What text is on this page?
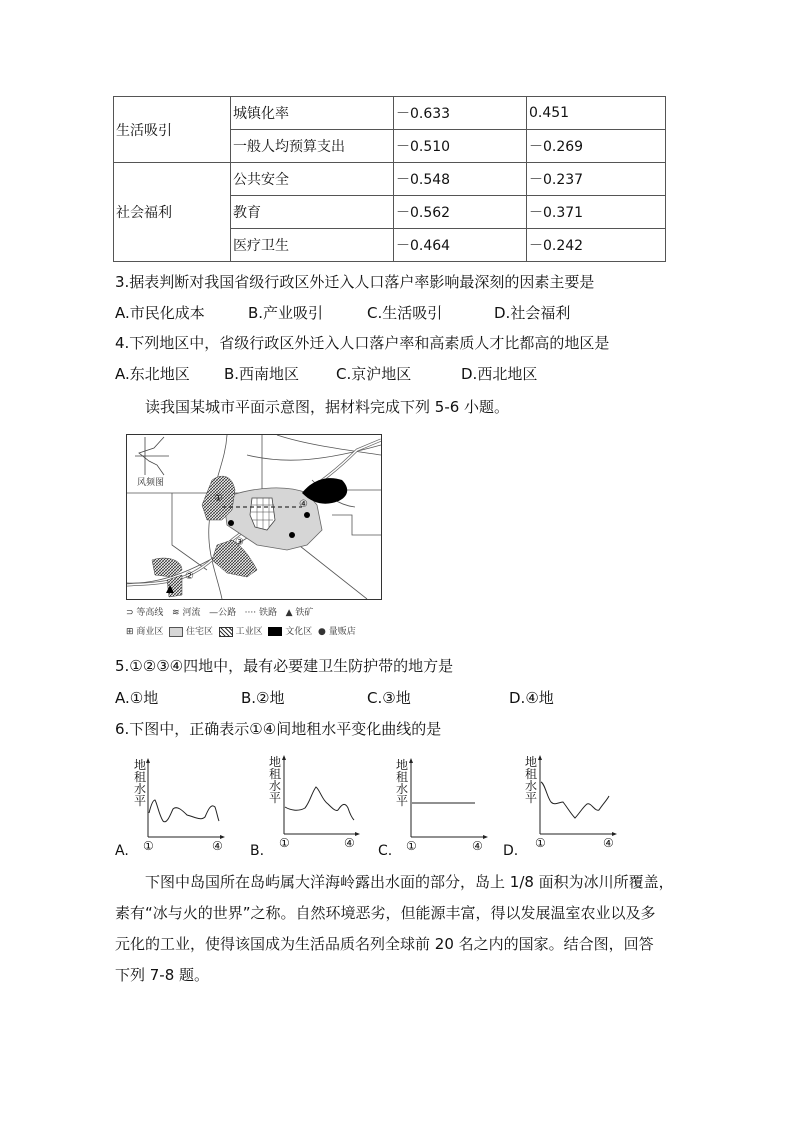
生活吸引	城镇化率	－0.633	0.451
	一般人均预算支出	－0.510	－0.269
社会福利	公共安全	－0.548	－0.237
	教育	－0.562	－0.371
	医疗卫生	－0.464	－0.242
3.据表判断对我国省级行政区外迁入人口落户率影响最深刻的因素主要是
A.市民化成本	B.产业吸引	C.生活吸引	D.社会福利
4.下列地区中，省级行政区外迁入人口落户率和高素质人才比都高的地区是
A.东北地区 B.西南地区 C.京沪地区	D.西北地区
读我国某城市平面示意图，据材料完成下列 5-6 小题。
风频图
①
②
③
④
⊃ 等高线 ≋ 河流 —公路 ···· 铁路 ▲ 铁矿
⊞ 商业区	住宅区	工业区	文化区 ● 量贩店
5.①②③④四地中，最有必要建卫生防护带的地方是
A.①地	B.②地	C.③地	D.④地
6.下图中，正确表示①④间地租水平变化曲线的是
地租水平
A. ①	④
地租水平
B. ①	④
地租水平
C. ①	④
地租水平
D. ①	④
下图中岛国所在岛屿属大洋海岭露出水面的部分，岛上 1/8 面积为冰川所覆盖，
素有“冰与火的世界”之称。自然环境恶劣，但能源丰富，得以发展温室农业以及多
元化的工业，使得该国成为生活品质名列全球前 20 名之内的国家。结合图，回答
下列 7-8 题。
